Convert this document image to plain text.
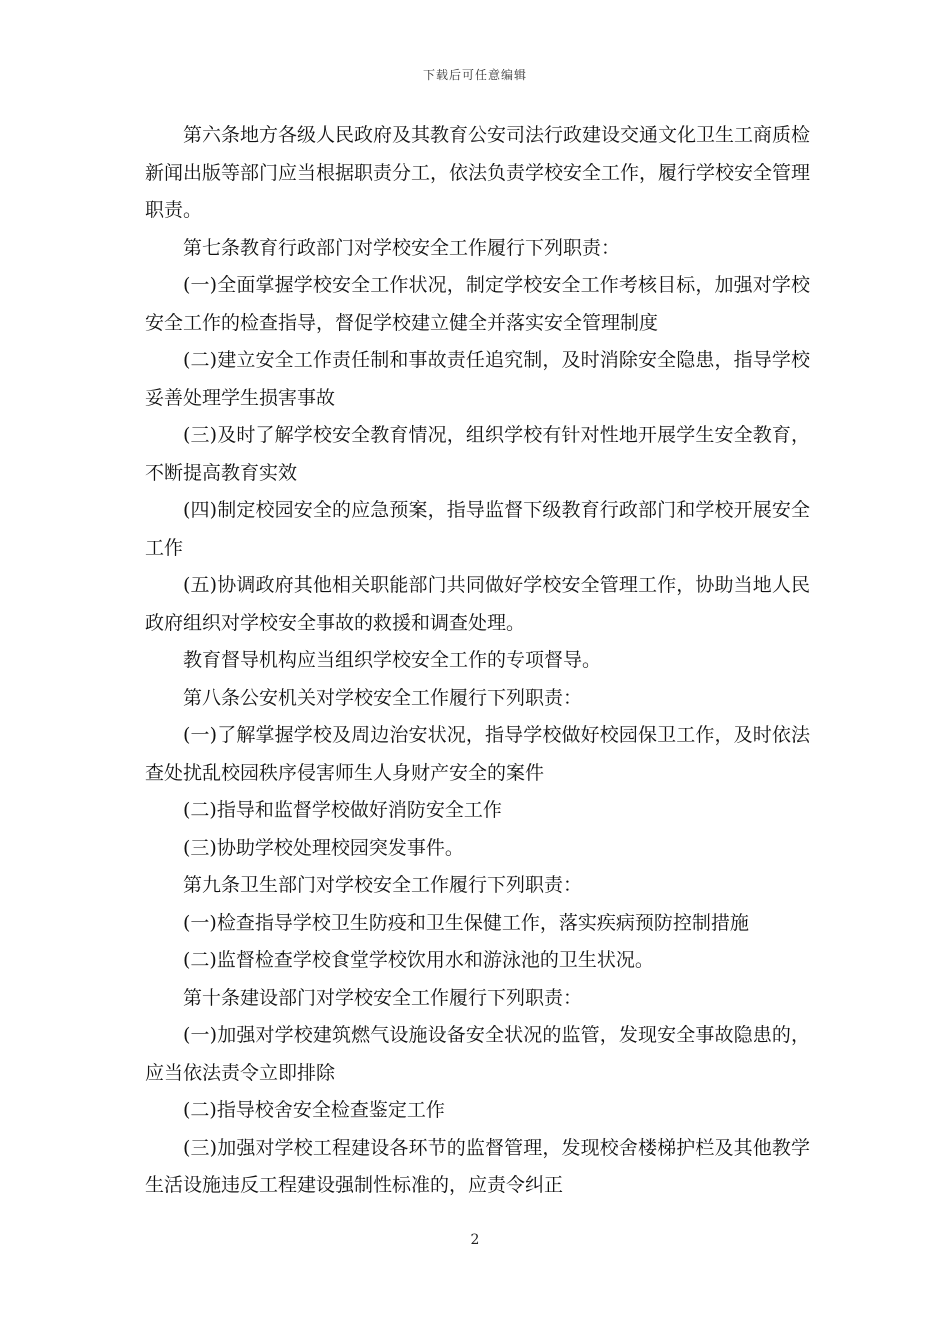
下载后可任意编辑

第六条地方各级人民政府及其教育公安司法行政建设交通文化卫生工商质检新闻出版等部门应当根据职责分工，依法负责学校安全工作，履行学校安全管理职责。

第七条教育行政部门对学校安全工作履行下列职责：

(一)全面掌握学校安全工作状况，制定学校安全工作考核目标，加强对学校安全工作的检查指导，督促学校建立健全并落实安全管理制度

(二)建立安全工作责任制和事故责任追究制，及时消除安全隐患，指导学校妥善处理学生损害事故

(三)及时了解学校安全教育情况，组织学校有针对性地开展学生安全教育，不断提高教育实效

(四)制定校园安全的应急预案，指导监督下级教育行政部门和学校开展安全工作

(五)协调政府其他相关职能部门共同做好学校安全管理工作，协助当地人民政府组织对学校安全事故的救援和调查处理。

教育督导机构应当组织学校安全工作的专项督导。

第八条公安机关对学校安全工作履行下列职责：

(一)了解掌握学校及周边治安状况，指导学校做好校园保卫工作，及时依法查处扰乱校园秩序侵害师生人身财产安全的案件

(二)指导和监督学校做好消防安全工作

(三)协助学校处理校园突发事件。

第九条卫生部门对学校安全工作履行下列职责：

(一)检查指导学校卫生防疫和卫生保健工作，落实疾病预防控制措施

(二)监督检查学校食堂学校饮用水和游泳池的卫生状况。

第十条建设部门对学校安全工作履行下列职责：

(一)加强对学校建筑燃气设施设备安全状况的监管，发现安全事故隐患的，应当依法责令立即排除

(二)指导校舍安全检查鉴定工作

(三)加强对学校工程建设各环节的监督管理，发现校舍楼梯护栏及其他教学生活设施违反工程建设强制性标准的，应责令纠正

2
